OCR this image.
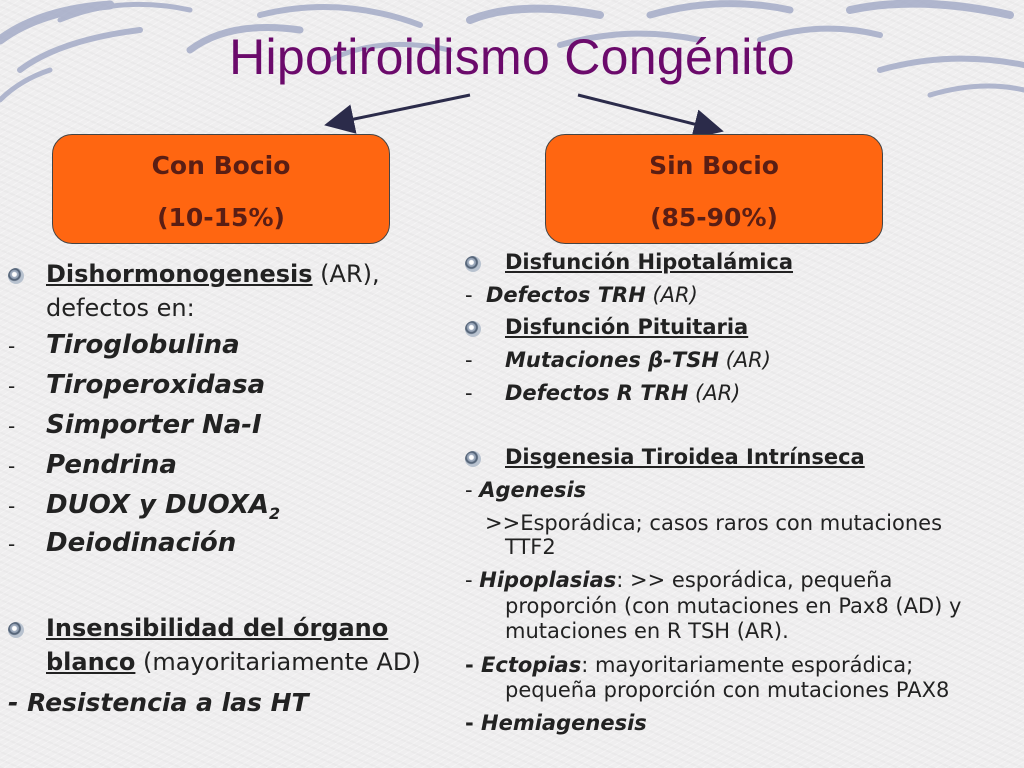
Hipotiroidismo Congénito
Con Bocio
(10-15%)
Sin Bocio
(85-90%)
Dishormonogenesis (AR),
defectos en:
- Tiroglobulina
- Tiroperoxidasa
- Simporter Na-I
- Pendrina
- DUOX y $DUOXA_2$
- Deiodinación
Insensibilidad del órgano
blanco (mayoritariamente AD)
- Resistencia a las HT
Disfunción Hipotalámica
- Defectos TRH (AR)
Disfunción Pituitaria
- Mutaciones β-TSH (AR)
- Defectos R TRH (AR)
Disgenesia Tiroidea Intrínseca
- Agenesis
>>Esporádica; casos raros con mutaciones
TTF2
- Hipoplasias: >> esporádica, pequeña
proporción (con mutaciones en Pax8 (AD) y
mutaciones en R TSH (AR).
- Ectopias: mayoritariamente esporádica;
pequeña proporción con mutaciones PAX8
- Hemiagenesis
